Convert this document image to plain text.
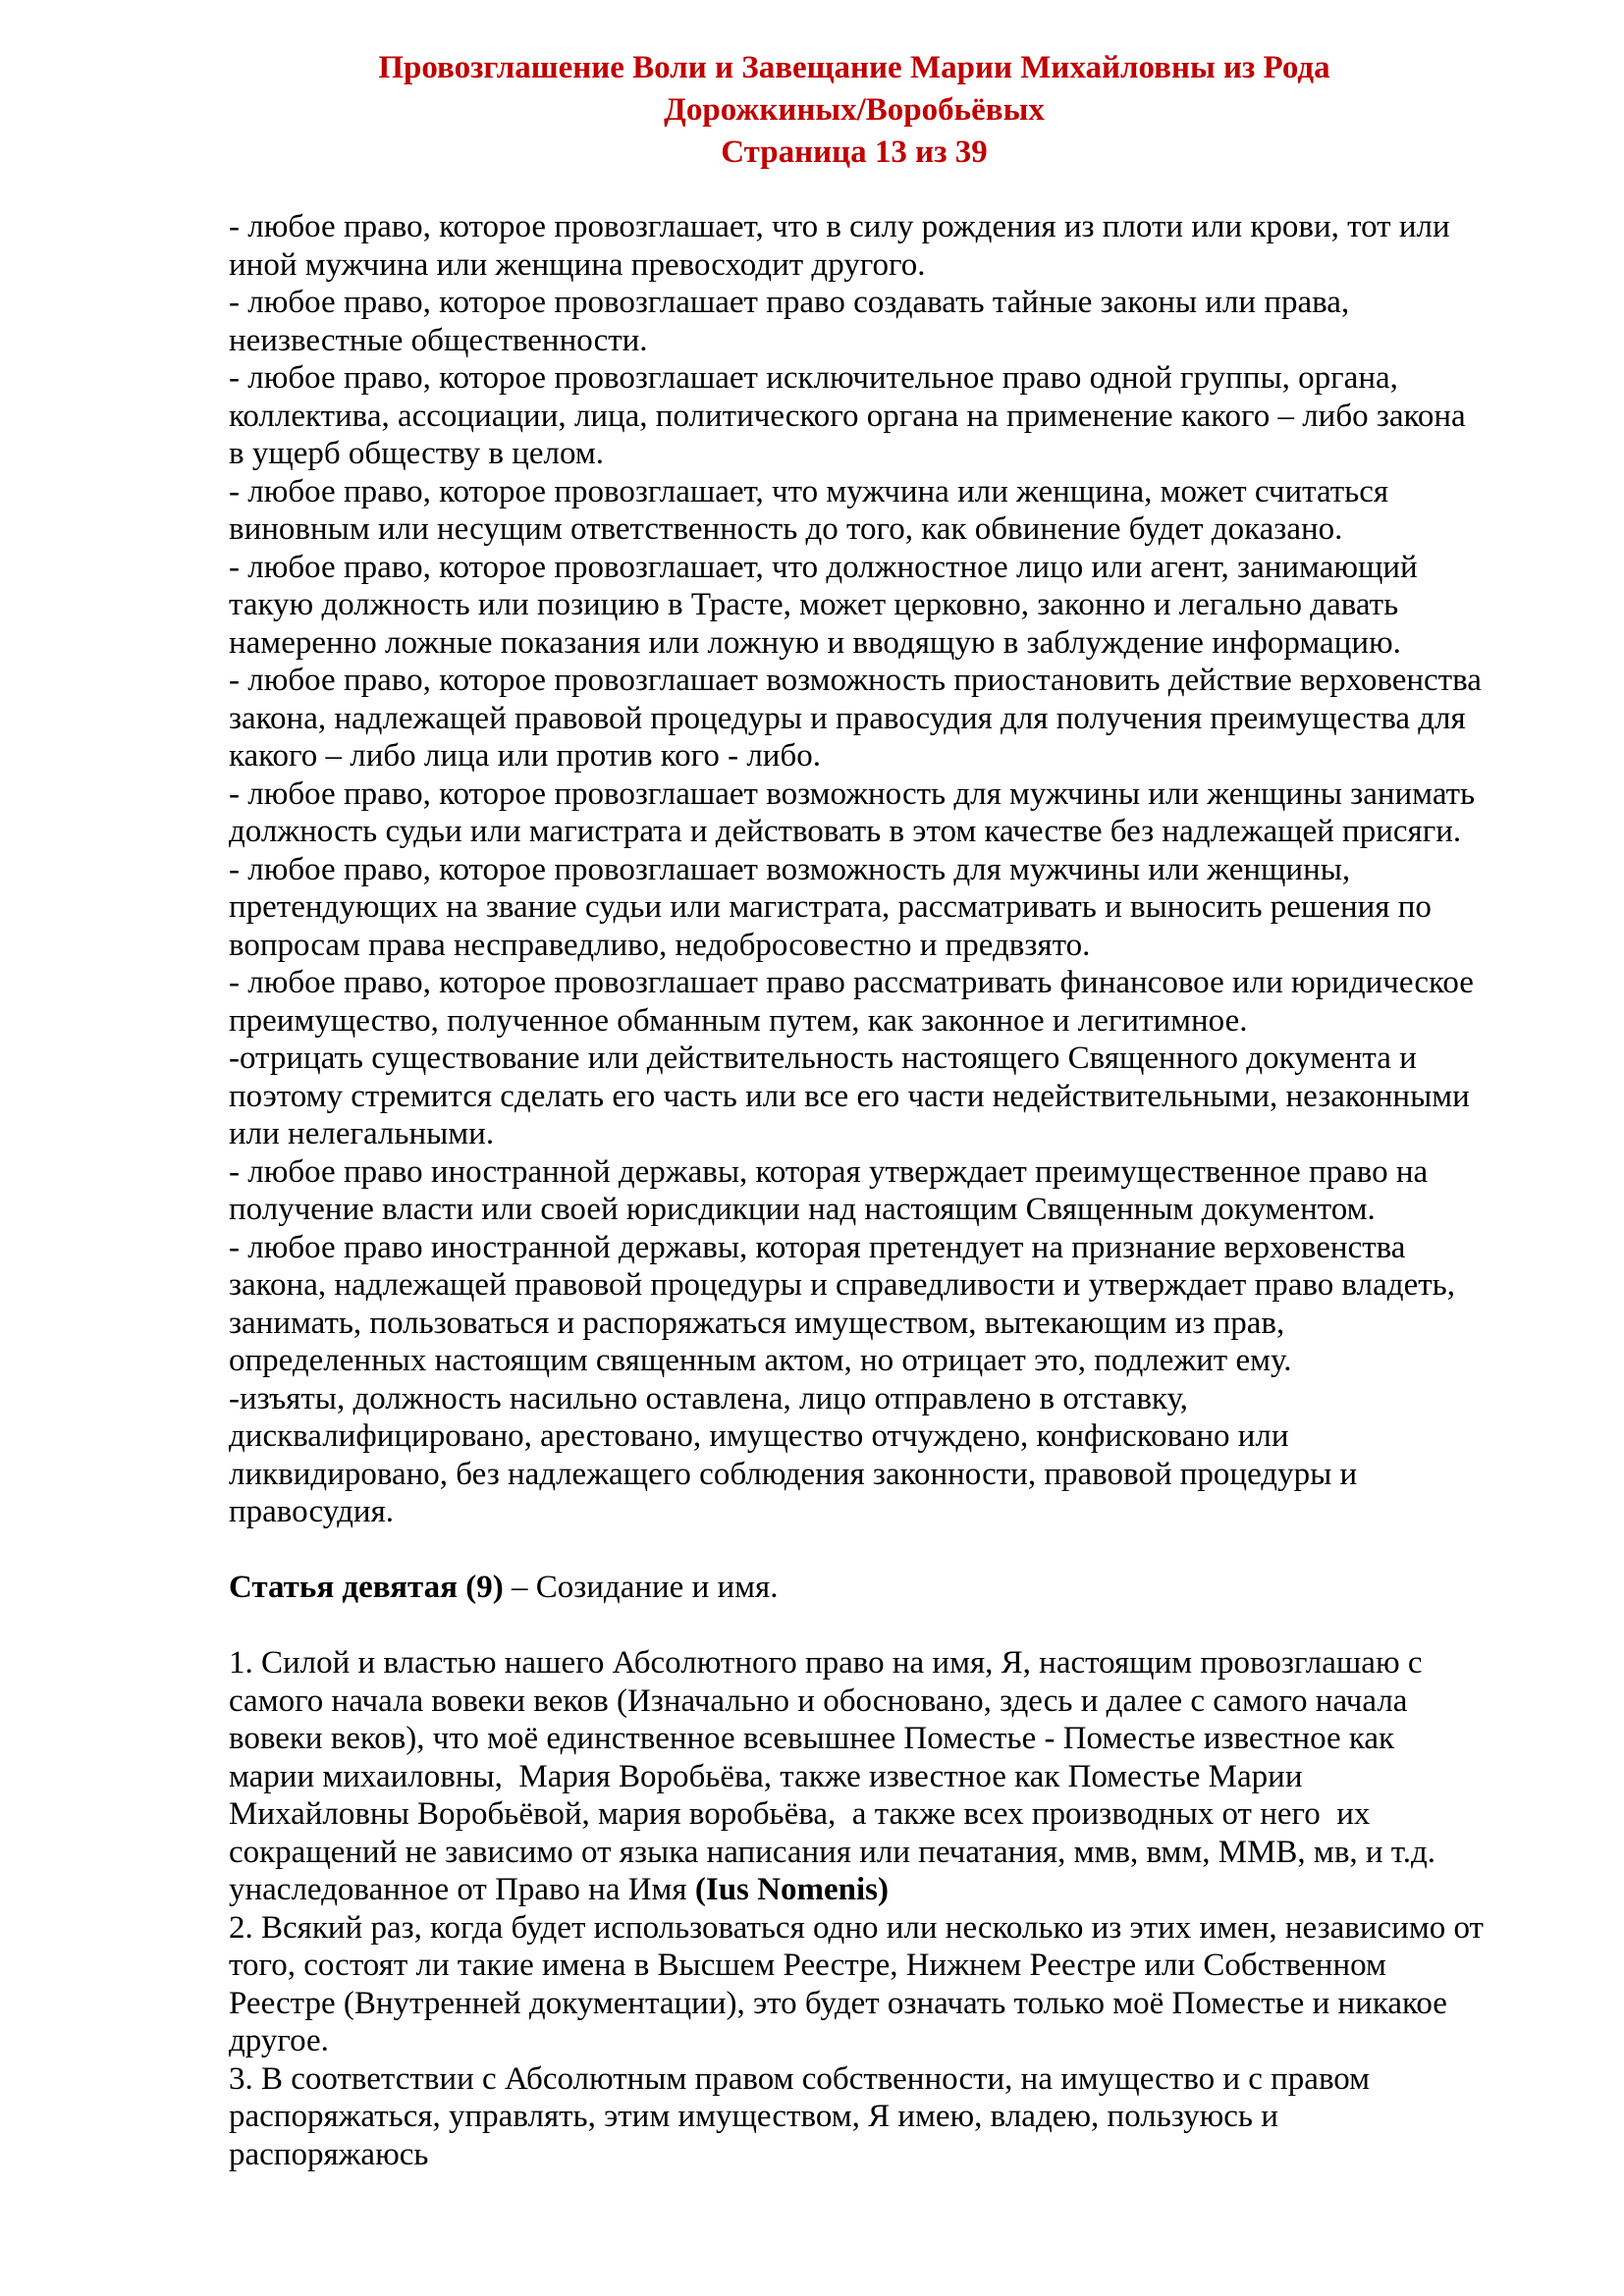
Провозглашение Воли и Завещание Марии Михайловны из Рода
Дорожкиных/Воробьёвых
Страница 13 из 39

- любое право, которое провозглашает, что в силу рождения из плоти или крови, тот или иной мужчина или женщина превосходит другого.

- любое право, которое провозглашает право создавать тайные законы или права, неизвестные общественности.

- любое право, которое провозглашает исключительное право одной группы, органа, коллектива, ассоциации, лица, политического органа на применение какого – либо закона в ущерб обществу в целом.

- любое право, которое провозглашает, что мужчина или женщина, может считаться виновным или несущим ответственность до того, как обвинение будет доказано.

- любое право, которое провозглашает, что должностное лицо или агент, занимающий такую должность или позицию в Трасте, может церковно, законно и легально давать намеренно ложные показания или ложную и вводящую в заблуждение информацию.

- любое право, которое провозглашает возможность приостановить действие верховенства закона, надлежащей правовой процедуры и правосудия для получения преимущества для какого – либо лица или против кого - либо.

- любое право, которое провозглашает возможность для мужчины или женщины занимать должность судьи или магистрата и действовать в этом качестве без надлежащей присяги.

- любое право, которое провозглашает возможность для мужчины или женщины, претендующих на звание судьи или магистрата, рассматривать и выносить решения по вопросам права несправедливо, недобросовестно и предвзято.

- любое право, которое провозглашает право рассматривать финансовое или юридическое преимущество, полученное обманным путем, как законное и легитимное.

-отрицать существование или действительность настоящего Священного документа и поэтому стремится сделать его часть или все его части недействительными, незаконными или нелегальными.

- любое право иностранной державы, которая утверждает преимущественное право на получение власти или своей юрисдикции над настоящим Священным документом.

- любое право иностранной державы, которая претендует на признание верховенства закона, надлежащей правовой процедуры и справедливости и утверждает право владеть, занимать, пользоваться и распоряжаться имуществом, вытекающим из прав, определенных настоящим священным актом, но отрицает это, подлежит ему.

-изъяты, должность насильно оставлена, лицо отправлено в отставку, дисквалифицировано, арестовано, имущество отчуждено, конфисковано или ликвидировано, без надлежащего соблюдения законности, правовой процедуры и правосудия.

Статья девятая (9) – Созидание и имя.

1. Силой и властью нашего Абсолютного право на имя, Я, настоящим провозглашаю с самого начала вовеки веков (Изначально и обосновано, здесь и далее с самого начала вовеки веков), что моё единственное всевышнее Поместье - Поместье известное как марии михаиловны,  Мария Воробьёва, также известное как Поместье Марии Михайловны Воробьёвой, мария воробьёва,  а также всех производных от него  их сокращений не зависимо от языка написания или печатания, ммв, вмм, ММВ, мв, и т.д. унаследованное от Право на Имя (Ius Nomenis)

2. Всякий раз, когда будет использоваться одно или несколько из этих имен, независимо от того, состоят ли такие имена в Высшем Реестре, Нижнем Реестре или Собственном Реестре (Внутренней документации), это будет означать только моё Поместье и никакое другое.

3. В соответствии с Абсолютным правом собственности, на имущество и с правом распоряжаться, управлять, этим имуществом, Я имею, владею, пользуюсь и распоряжаюсь
